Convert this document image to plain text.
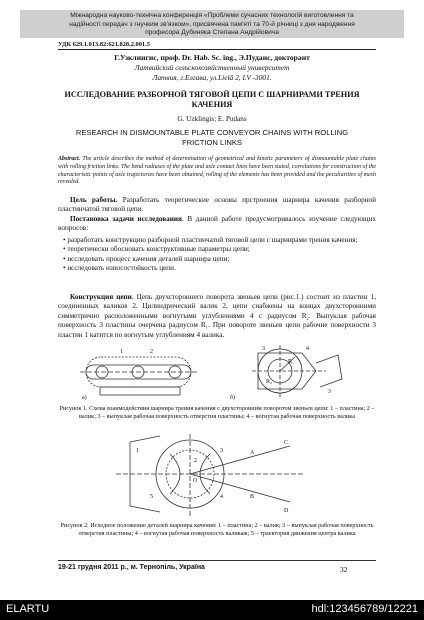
Міжнародна науково-технічна конференція «Проблеми сучасних технологій виготовлення та
надійності передач з гнучким зв'язком», присвячена пам'яті та 70-й річниці з дня народження
професора Дубиняка Степана Андрійовича
УДК 629.1.013.82:621.828.2.001.5
Г.Узклингис, проф. Dr. Hab. Sc. ing., Э.Пуданс, докторант
Латвийский сельскохозяйственный университет
Латвия, г.Елгава, ул.Lielā 2, LV -3001.
ИССЛЕДОВАНИЕ РАЗБОРНОЙ ТЯГОВОЙ ЦЕПИ С ШАРНИРАМИ ТРЕНИЯ
КАЧЕНИЯ
G. Uzklingis; E. Pudans
RESEARCH IN DISMOUNTABLE PLATE CONVEYOR CHAINS WITH ROLLING
FRICTION LINKS
Abstract. The article describes the method of determination of geometrical and kinetic parameters of dismountable plate chains with rolling friction links. The bend radiuses of the plate and axle contact lines have been stated, correlations for construction of the characteristic points of axle trajectories have been obtained, rolling of the elements has been provided and the peculiarities of mesh revealed.

Цель работы. Разработать теоретические основы прстроения шарнира качения разборной пластинчатой тяговой цепи.

Постановка задачи исследования. В данной работе предусмотривалось изучение следующих вопросов:

• разработать конструкцию разборной пластинчатой тяговой цепи с шарнирами трения качения;
• теоретически обосновать конструктивные параметры цепи;
• исследовать процесс качения деталей шарнира цепи;
• исследовать износостойкость цепи.

Конструкция цепи. Цепь двухстороннего поворота звеньев цепи (рис.1.) состоит из пластин 1, соединенных валиков 2. Цилиндрический валик 2, цепи снабжены на концах двухсторонними симметрично расположенными вогнутыми углублениями 4 с радиусом R₂. Выпуклая рабочая поверхность 3 пластины очерчена радиусом R₁. При повороте звеньев цепи рабочие поверхности 3 пластин 1 катится по вогнутым углублениям 4 валика.

а)	б)
1	2	3	4
3
R₁
R₂
Рисунок 1. Схема взаимодействия шарнира трения качения с двухсторонним поворотом звеньев цепи: 1 – пластина; 2 – валик; 3 – выпуклая рабочая поверхность отверстия пластины; 4 – вогнутая рабочая поверхность валика
1
2
3
4
5
A
B
C
D
O
Рисунок 2. Исходное положение деталей шарнира качения: 1 – пластина; 2 – валик; 3 – выпуклая рабочая поверхность отверстия пластины; 4 – вогнутая рабочая поверхность валикаж; 5 – траектория движения центра валика
19-21 грудня 2011 р., м. Тернопіль, Україна	32
ELARTU	hdl:123456789/12221
